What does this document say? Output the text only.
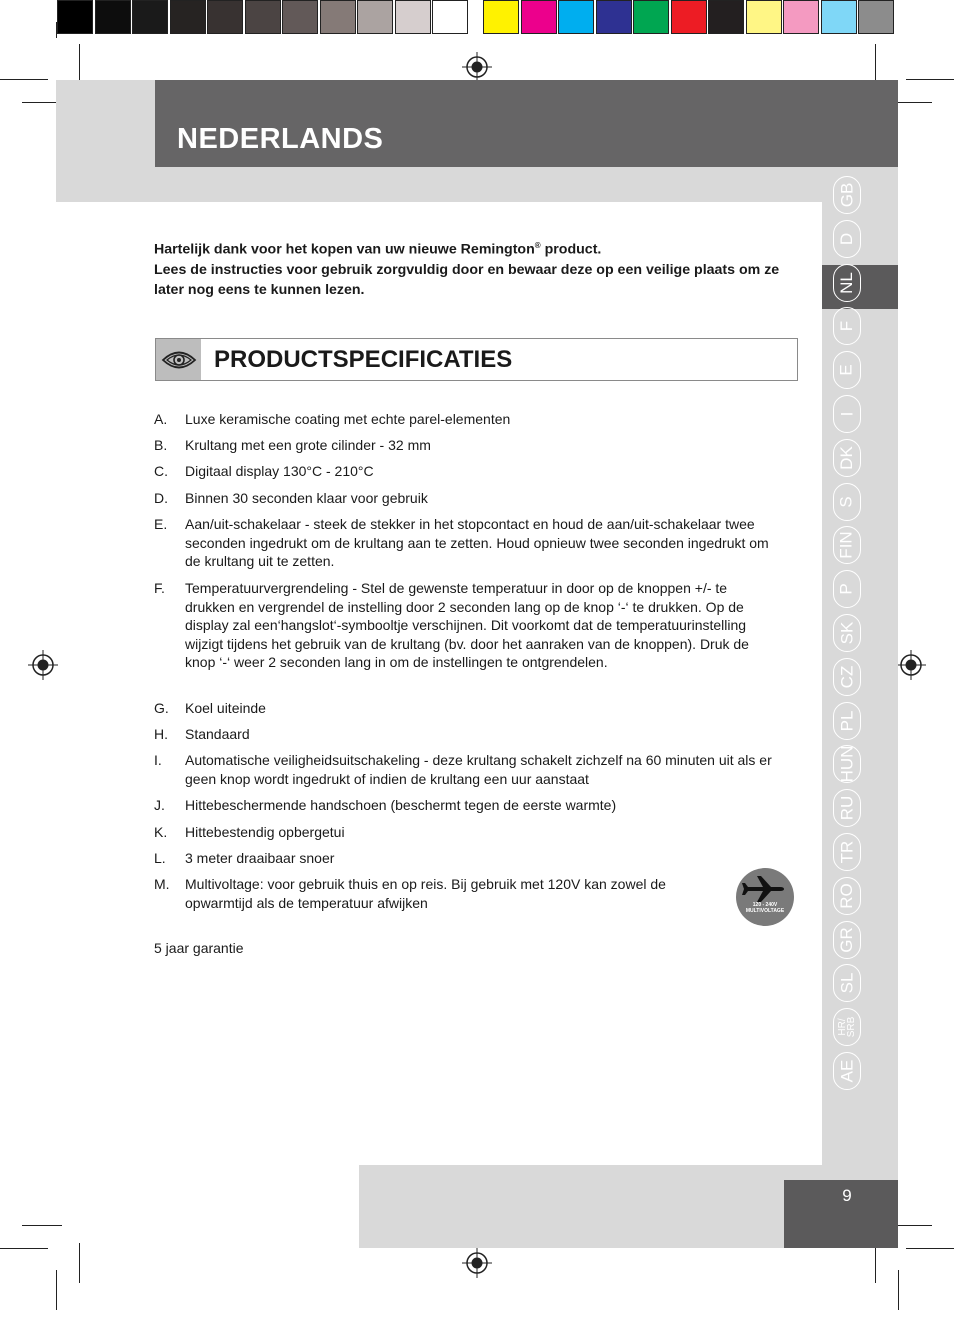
NEDERLANDS
GB
D
NL
F
E
I
DK
S
FIN
P
SK
CZ
PL
HUN
RU
TR
RO
GR
SL
HR/ SRB
AE

Hartelijk dank voor het kopen van uw nieuwe Remington® product.

Lees de instructies voor gebruik zorgvuldig door en bewaar deze op een veilige plaats om ze later nog eens te kunnen lezen.

PRODUCTSPECIFICATIES
A. Luxe keramische coating met echte parel-elementen
B. Krultang met een grote cilinder - 32 mm
C. Digitaal display 130°C - 210°C
D. Binnen 30 seconden klaar voor gebruik
E. Aan/uit-schakelaar - steek de stekker in het stopcontact en houd de aan/uit-schakelaar twee seconden ingedrukt om de krultang aan te zetten. Houd opnieuw twee seconden ingedrukt om de krultang uit te zetten.
F. Temperatuurvergrendeling - Stel de gewenste temperatuur in door op de knoppen +/- te drukken en vergrendel de instelling door 2 seconden lang op de knop ‘-‘ te drukken. Op de display zal een‘hangslot‘-symbooltje verschijnen. Dit voorkomt dat de temperatuurinstelling wijzigt tijdens het gebruik van de krultang (bv. door het aanraken van de knoppen). Druk de knop ‘-‘ weer 2 seconden lang in om de instellingen te ontgrendelen.
G. Koel uiteinde
H. Standaard
I. Automatische veiligheidsuitschakeling - deze krultang schakelt zichzelf na 60 minuten uit als er geen knop wordt ingedrukt of indien de krultang een uur aanstaat
J. Hittebeschermende handschoen (beschermt tegen de eerste warmte)
K. Hittebestendig opbergetui
L. 3 meter draaibaar snoer
M. Multivoltage: voor gebruik thuis en op reis. Bij gebruik met 120V kan zowel de opwarmtijd als de temperatuur afwijken	120 - 240V
MULTIVOLTAGE
5 jaar garantie
9
